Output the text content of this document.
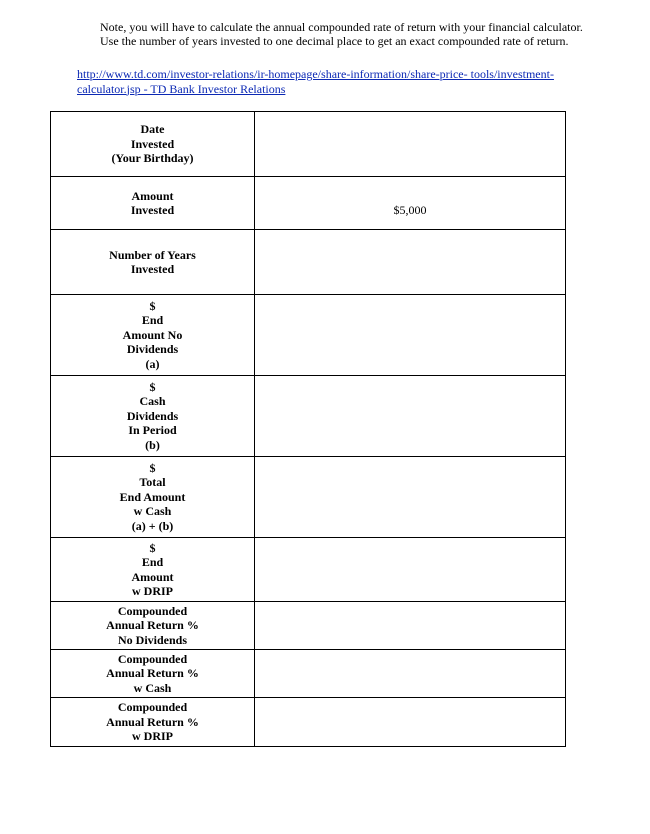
Note, you will have to calculate the annual compounded rate of return with your financial calculator.
Use the number of years invested to one decimal place to get an exact compounded rate of return.
http://www.td.com/investor-relations/ir-homepage/share-information/share-price- tools/investment-
calculator.jsp - TD Bank Investor Relations
Date
Invested
(Your Birthday)	

Amount
Invested	$5,000

Number of Years
Invested	

$
End
Amount No
Dividends
(a)	

$
Cash
Dividends
In Period
(b)	

$
Total
End Amount
w Cash
(a) + (b)	

$
End
Amount
w DRIP	

Compounded
Annual Return %
No Dividends	

Compounded
Annual Return %
w Cash	

Compounded
Annual Return %
w DRIP	
